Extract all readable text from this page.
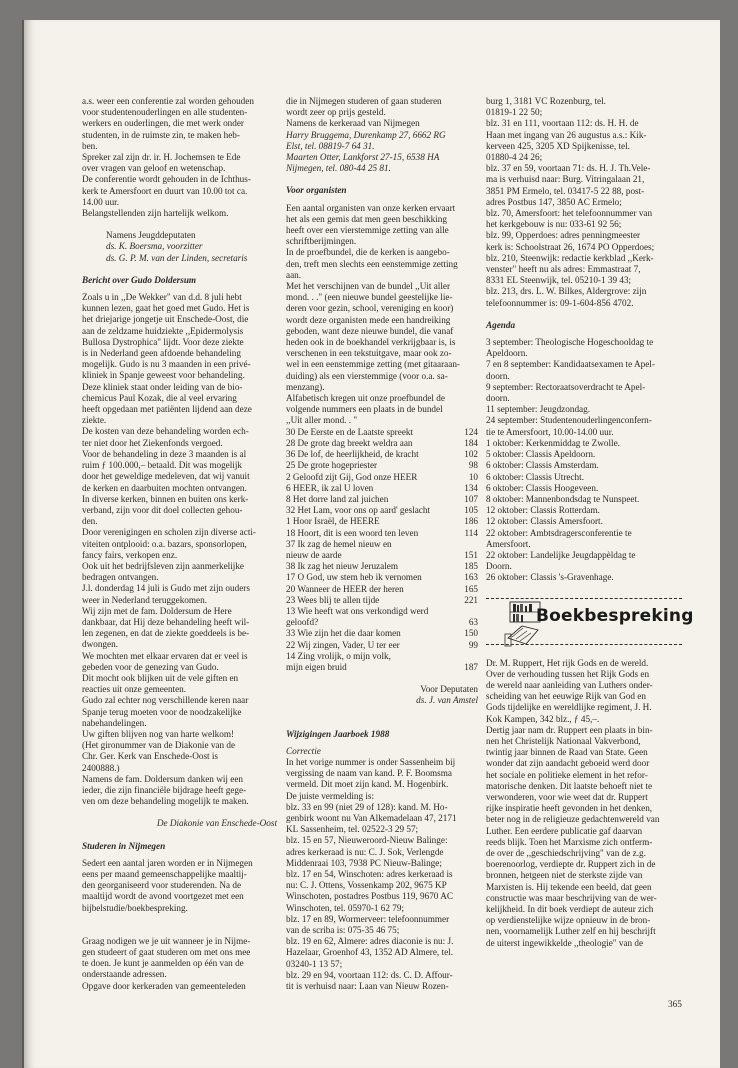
a.s. weer een conferentie zal worden gehouden

voor studentenouderlingen en alle studenten-

werkers en ouderlingen, die met werk onder

studenten, in de ruimste zin, te maken heb-

ben.

Spreker zal zijn dr. ir. H. Jochemsen te Ede

over vragen van geloof en wetenschap.

De conferentie wordt gehouden in de Ichthus-

kerk te Amersfoort en duurt van 10.00 tot ca.

14.00 uur.

Belangstellenden zijn hartelijk welkom.

Namens Jeugddeputaten

ds. K. Boersma, voorzitter

ds. G. P. M. van der Linden, secretaris

Bericht over Gudo Doldersum

Zoals u in ,,De Wekker" van d.d. 8 juli hebt

kunnen lezen, gaat het goed met Gudo. Het is

het driejarige jongetje uit Enschede-Oost, die

aan de zeldzame huidziekte ,,Epidermolysis

Bullosa Dystrophica" lijdt. Voor deze ziekte

is in Nederland geen afdoende behandeling

mogelijk. Gudo is nu 3 maanden in een privé-

kliniek in Spanje geweest voor behandeling.

Deze kliniek staat onder leiding van de bio-

chemicus Paul Kozak, die al veel ervaring

heeft opgedaan met patiënten lijdend aan deze

ziekte.

De kosten van deze behandeling worden ech-

ter niet door het Ziekenfonds vergoed.

Voor de behandeling in deze 3 maanden is al

ruim ƒ 100.000,– betaald. Dit was mogelijk

door het geweldige medeleven, dat wij vanuit

de kerken en daarbuiten mochten ontvangen.

In diverse kerken, binnen en buiten ons kerk-

verband, zijn voor dit doel collecten gehou-

den.

Door verenigingen en scholen zijn diverse acti-

viteiten ontplooid: o.a. bazars, sponsorlopen,

fancy fairs, verkopen enz.

Ook uit het bedrijfsleven zijn aanmerkelijke

bedragen ontvangen.

J.l. donderdag 14 juli is Gudo met zijn ouders

weer in Nederland teruggekomen.

Wij zijn met de fam. Doldersum de Here

dankbaar, dat Hij deze behandeling heeft wil-

len zegenen, en dat de ziekte goeddeels is be-

dwongen.

We mochten met elkaar ervaren dat er veel is

gebeden voor de genezing van Gudo.

Dit mocht ook blijken uit de vele giften en

reacties uit onze gemeenten.

Gudo zal echter nog verschillende keren naar

Spanje terug moeten voor de noodzakelijke

nabehandelingen.

Uw giften blijven nog van harte welkom!

(Het gironummer van de Diakonie van de

Chr. Ger. Kerk van Enschede-Oost is

2400888.)

Namens de fam. Doldersum danken wij een

ieder, die zijn financiële bijdrage heeft gege-

ven om deze behandeling mogelijk te maken.

De Diakonie van Enschede-Oost

Studeren in Nijmegen

Sedert een aantal jaren worden er in Nijmegen

eens per maand gemeenschappelijke maaltij-

den georganiseerd voor studerenden. Na de

maaltijd wordt de avond voortgezet met een

bijbelstudie/boekbespreking.

Graag nodigen we je uit wanneer je in Nijme-

gen studeert of gaat studeren om met ons mee

te doen. Je kunt je aanmelden op één van de

onderstaande adressen.

Opgave door kerkeraden van gemeenteleden

die in Nijmegen studeren of gaan studeren

wordt zeer op prijs gesteld.

Namens de kerkeraad van Nijmegen

Harry Bruggema, Durenkamp 27, 6662 RG

Elst, tel. 08819-7 64 31.

Maarten Otter, Lankforst 27-15, 6538 HA

Nijmegen, tel. 080-44 25 81.

Voor organisten

Een aantal organisten van onze kerken ervaart

het als een gemis dat men geen beschikking

heeft over een vierstemmige zetting van alle

schriftberijmingen.

In de proefbundel, die de kerken is aangebo-

den, treft men slechts een eenstemmige zetting

aan.

Met het verschijnen van de bundel ,,Uit aller

mond. . ." (een nieuwe bundel geestelijke lie-

deren voor gezin, school, vereniging en koor)

wordt deze organisten mede een handreiking

geboden, want deze nieuwe bundel, die vanaf

heden ook in de boekhandel verkrijgbaar is, is

verschenen in een tekstuitgave, maar ook zo-

wel in een eenstemmige zetting (met gitaaraan-

duiding) als een vierstemmige (voor o.a. sa-

menzang).

Alfabetisch kregen uit onze proefbundel de

volgende nummers een plaats in de bundel

,,Uit aller mond. . "

30 De Eerste en de Laatste spreekt	124
28 De grote dag breekt weldra aan	184
36 De lof, de heerlijkheid, de kracht	102
25 De grote hogepriester	98
2 Geloofd zijt Gij, God onze HEER	10
6 HEER, ik zal U loven	134
8 Het dorre land zal juichen	107
32 Het Lam, voor ons op aard' geslacht	105
1 Hoor Israël, de HEERE	186
18 Hoort, dit is een woord ten leven	114
37 Ik zag de hemel nieuw en	
nieuw de aarde	151
38 Ik zag het nieuw Jeruzalem	185
17 O God, uw stem heb ik vernomen	163
20 Wanneer de HEER der heren	165
23 Wees blij te allen tijde	221
13 Wie heeft wat ons verkondigd werd	
geloofd?	63
33 Wie zijn het die daar komen	150
22 Wij zingen, Vader, U ter eer	99
14 Zing vrolijk, o mijn volk,	
mijn eigen bruid	187

Voor Deputaten

ds. J. van Amstel

Wijzigingen Jaarboek 1988

Correctie

In het vorige nummer is onder Sassenheim bij

vergissing de naam van kand. P. F. Boomsma

vermeld. Dit moet zijn kand. M. Hogenbirk.

De juiste vermelding is:

blz. 33 en 99 (niet 29 of 128): kand. M. Ho-

genbirk woont nu Van Alkemadelaan 47, 2171

KL Sassenheim, tel. 02522-3 29 57;

blz. 15 en 57, Nieuweroord-Nieuw Balinge:

adres kerkeraad is nu: C. J. Sok, Verlengde

Middenraai 103, 7938 PC Nieuw-Balinge;

blz. 17 en 54, Winschoten: adres kerkeraad is

nu: C. J. Ottens, Vossenkamp 202, 9675 KP

Winschoten, postadres Postbus 119, 9670 AC

Winschoten, tel. 05970-1 62 79;

blz. 17 en 89, Wormerveer: telefoonnummer

van de scriba is: 075-35 46 75;

blz. 19 en 62, Almere: adres diaconie is nu: J.

Hazelaar, Groenhof 43, 1352 AD Almere, tel.

03240-1 13 57;

blz. 29 en 94, voortaan 112: ds. C. D. Affour-

tit is verhuisd naar: Laan van Nieuw Rozen-

burg 1, 3181 VC Rozenburg, tel.

01819-1 22 50;

blz. 31 en 111, voortaan 112: ds. H. H. de

Haan met ingang van 26 augustus a.s.: Kik-

kerveen 425, 3205 XD Spijkenisse, tel.

01880-4 24 26;

blz. 37 en 59, voortaan 71: ds. H. J. Th.Vele-

ma is verhuisd naar: Burg. Vitringalaan 21,

3851 PM Ermelo, tel. 03417-5 22 88, post-

adres Postbus 147, 3850 AC Ermelo;

blz. 70, Amersfoort: het telefoonnummer van

het kerkgebouw is nu: 033-61 92 56;

blz. 99, Opperdoes: adres penningmeester

kerk is: Schoolstraat 26, 1674 PO Opperdoes;

blz. 210, Steenwijk: redactie kerkblad ,,Kerk-

venster" heeft nu als adres: Emmastraat 7,

8331 EL Steenwijk, tel. 05210-1 39 43;

blz. 213, drs. L. W. Bilkes, Aldergrove: zijn

telefoonnummer is: 09-1-604-856 4702.

Agenda

3 september: Theologische Hogeschooldag te

Apeldoorn.

7 en 8 september: Kandidaatsexamen te Apel-

doorn.

9 september: Rectoraatsoverdracht te Apel-

doorn.

11 september: Jeugdzondag.

24 september: Studentenouderlingenconfern-

tie te Amersfoort, 10.00-14.00 uur.

1 oktober: Kerkenmiddag te Zwolle.

5 oktober: Classis Apeldoorn.

6 oktober: Classis Amsterdam.

6 oktober: Classis Utrecht.

6 oktober: Classis Hoogeveen.

8 oktober: Mannenbondsdag te Nunspeet.

12 oktober: Classis Rotterdam.

12 oktober: Classis Amersfoort.

22 oktober: Ambtsdragersconferentie te

Amersfoort.

22 oktober: Landelijke Jeugdappèldag te

Doorn.

26 oktober: Classis 's-Gravenhage.

Boekbespreking

Dr. M. Ruppert, Het rijk Gods en de wereld.

Over de verhouding tussen het Rijk Gods en

de wereld naar aanleiding van Luthers onder-

scheiding van het eeuwige Rijk van God en

Gods tijdelijke en wereldlijke regiment, J. H.

Kok Kampen, 342 blz., ƒ 45,–.

Dertig jaar nam dr. Ruppert een plaats in bin-

nen het Christelijk Nationaal Vakverbond,

twintig jaar binnen de Raad van State. Geen

wonder dat zijn aandacht geboeid werd door

het sociale en politieke element in het refor-

matorische denken. Dit laatste behoeft niet te

verwonderen, voor wie weet dat dr. Ruppert

rijke inspiratie heeft gevonden in het denken,

beter nog in de religieuze gedachtenwereld van

Luther. Een eerdere publicatie gaf daarvan

reeds blijk. Toen het Marxisme zich ontferm-

de over de ,,geschiedschrijving" van de z.g.

boerenoorlog, verdiepte dr. Ruppert zich in de

bronnen, hetgeen niet de sterkste zijde van

Marxisten is. Hij tekende een beeld, dat geen

constructie was maar beschrijving van de wer-

kelijkheid. In dit boek verdiept de auteur zich

op verdienstelijke wijze opnieuw in de bron-

nen, voornamelijk Luther zelf en hij beschrijft

de uiterst ingewikkelde ,,theologie" van de

365
